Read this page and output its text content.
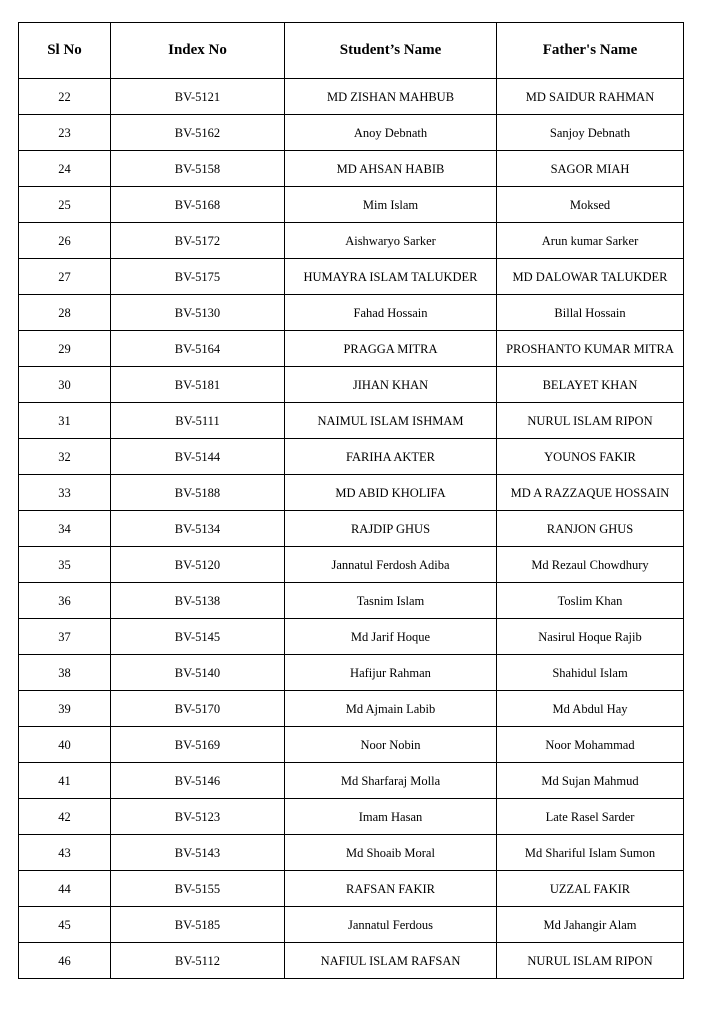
Sl No	Index No	Student’s Name	Father's Name
22	BV-5121	MD ZISHAN MAHBUB	MD SAIDUR RAHMAN
23	BV-5162	Anoy Debnath	Sanjoy Debnath
24	BV-5158	MD AHSAN HABIB	SAGOR MIAH
25	BV-5168	Mim Islam	Moksed
26	BV-5172	Aishwaryo Sarker	Arun kumar Sarker
27	BV-5175	HUMAYRA ISLAM TALUKDER	MD DALOWAR TALUKDER
28	BV-5130	Fahad Hossain	Billal Hossain
29	BV-5164	PRAGGA MITRA	PROSHANTO KUMAR MITRA
30	BV-5181	JIHAN KHAN	BELAYET KHAN
31	BV-5111	NAIMUL ISLAM ISHMAM	NURUL ISLAM RIPON
32	BV-5144	FARIHA AKTER	YOUNOS FAKIR
33	BV-5188	MD ABID KHOLIFA	MD A RAZZAQUE HOSSAIN
34	BV-5134	RAJDIP GHUS	RANJON GHUS
35	BV-5120	Jannatul Ferdosh Adiba	Md Rezaul Chowdhury
36	BV-5138	Tasnim Islam	Toslim Khan
37	BV-5145	Md Jarif Hoque	Nasirul Hoque Rajib
38	BV-5140	Hafijur Rahman	Shahidul Islam
39	BV-5170	Md Ajmain Labib	Md Abdul Hay
40	BV-5169	Noor Nobin	Noor Mohammad
41	BV-5146	Md Sharfaraj Molla	Md Sujan Mahmud
42	BV-5123	Imam Hasan	Late Rasel Sarder
43	BV-5143	Md Shoaib Moral	Md Shariful Islam Sumon
44	BV-5155	RAFSAN FAKIR	UZZAL FAKIR
45	BV-5185	Jannatul Ferdous	Md Jahangir Alam
46	BV-5112	NAFIUL ISLAM RAFSAN	NURUL ISLAM RIPON
